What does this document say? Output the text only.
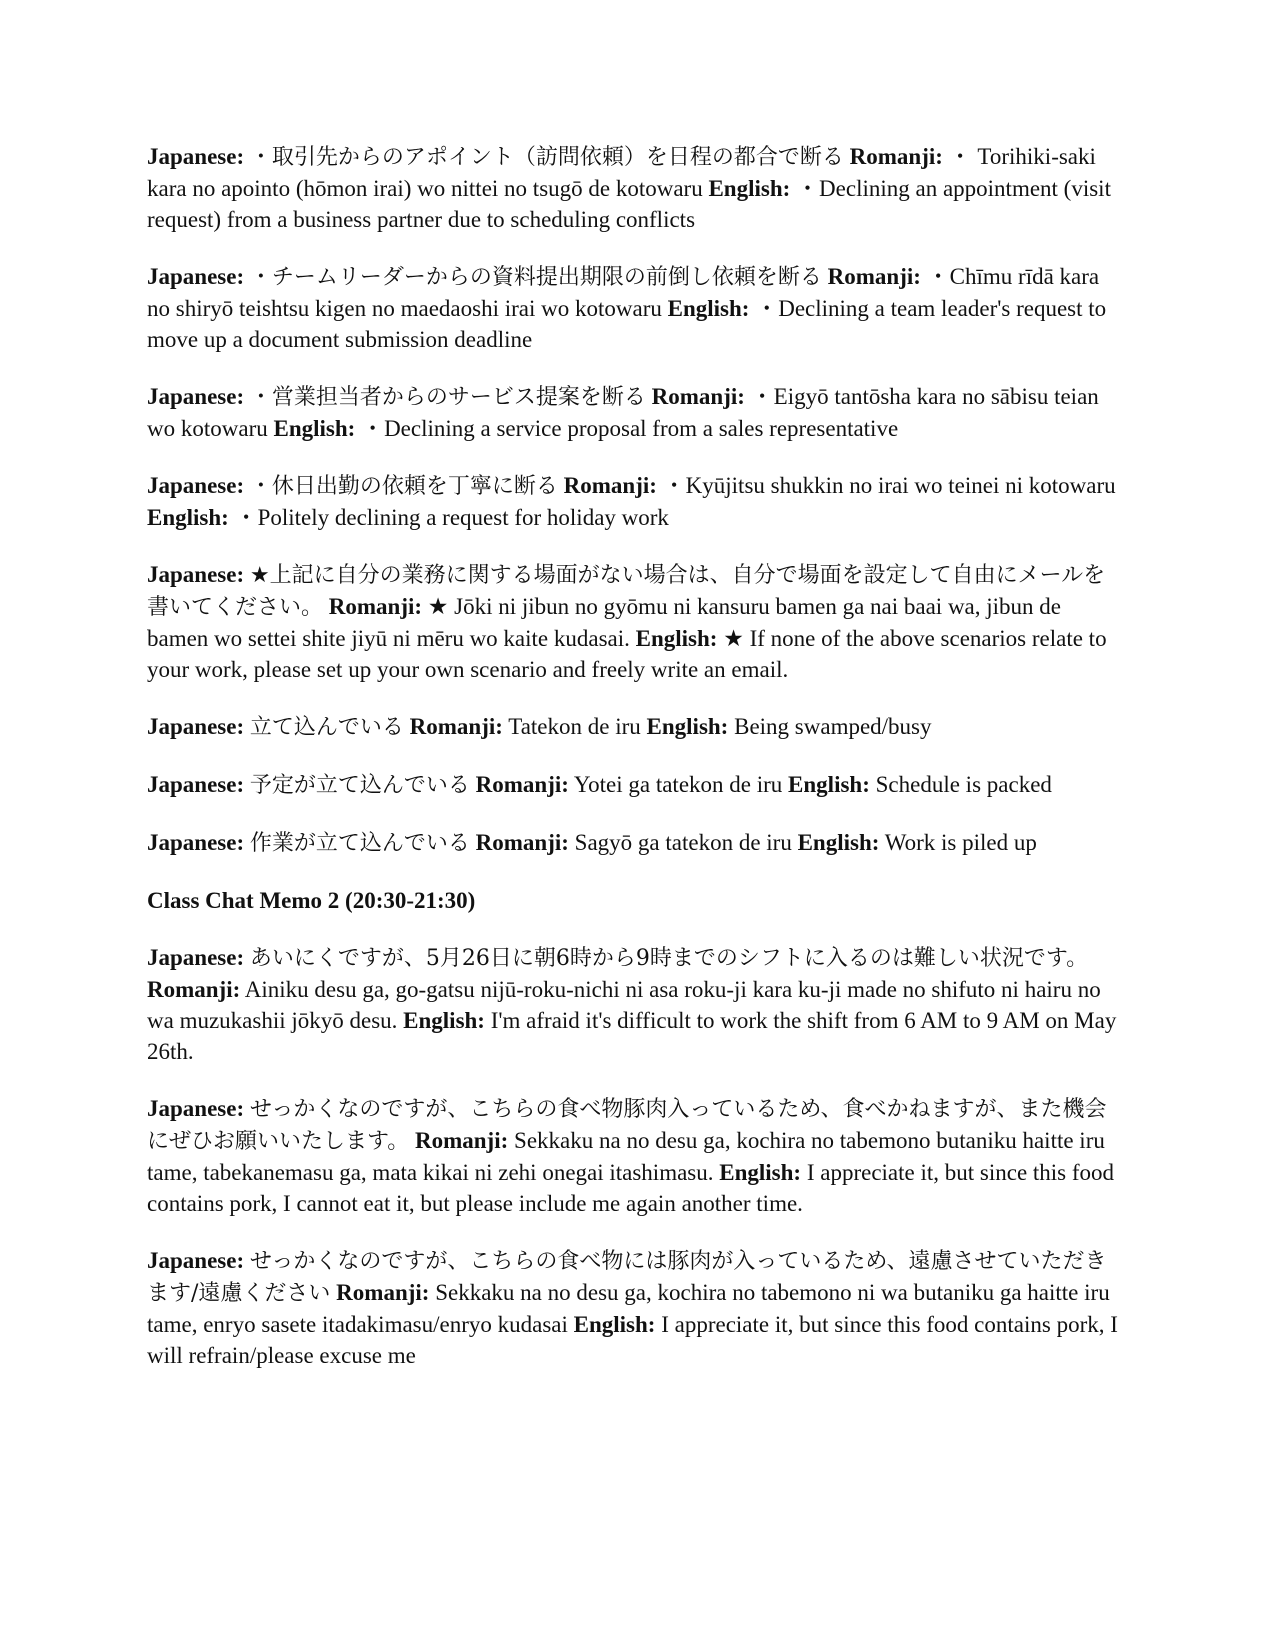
Japanese: ・取引先からのアポイント（訪問依頼）を日程の都合で断る Romanji: ・ Torihiki-saki kara no apointo (hōmon irai) wo nittei no tsugō de kotowaru English: ・Declining an appointment (visit request) from a business partner due to scheduling conflicts

Japanese: ・チームリーダーからの資料提出期限の前倒し依頼を断る Romanji: ・Chīmu rīdā kara no shiryō teishtsu kigen no maedaoshi irai wo kotowaru English: ・Declining a team leader's request to move up a document submission deadline

Japanese: ・営業担当者からのサービス提案を断る Romanji: ・Eigyō tantōsha kara no sābisu teian wo kotowaru English: ・Declining a service proposal from a sales representative

Japanese: ・休日出勤の依頼を丁寧に断る Romanji: ・Kyūjitsu shukkin no irai wo teinei ni kotowaru English: ・Politely declining a request for holiday work

Japanese: ★上記に自分の業務に関する場面がない場合は、自分で場面を設定して自由にメールを書いてください。 Romanji: ★ Jōki ni jibun no gyōmu ni kansuru bamen ga nai baai wa, jibun de bamen wo settei shite jiyū ni mēru wo kaite kudasai. English: ★ If none of the above scenarios relate to your work, please set up your own scenario and freely write an email.

Japanese: 立て込んでいる Romanji: Tatekon de iru English: Being swamped/busy

Japanese: 予定が立て込んでいる Romanji: Yotei ga tatekon de iru English: Schedule is packed

Japanese: 作業が立て込んでいる Romanji: Sagyō ga tatekon de iru English: Work is piled up

Class Chat Memo 2 (20:30-21:30)

Japanese: あいにくですが、5月26日に朝6時から9時までのシフトに入るのは難しい状況です。 Romanji: Ainiku desu ga, go-gatsu nijū-roku-nichi ni asa roku-ji kara ku-ji made no shifuto ni hairu no wa muzukashii jōkyō desu. English: I'm afraid it's difficult to work the shift from 6 AM to 9 AM on May 26th.

Japanese: せっかくなのですが、こちらの食べ物豚肉入っているため、食べかねますが、また機会にぜひお願いいたします。 Romanji: Sekkaku na no desu ga, kochira no tabemono butaniku haitte iru tame, tabekanemasu ga, mata kikai ni zehi onegai itashimasu. English: I appreciate it, but since this food contains pork, I cannot eat it, but please include me again another time.

Japanese: せっかくなのですが、こちらの食べ物には豚肉が入っているため、遠慮させていただきます/遠慮ください Romanji: Sekkaku na no desu ga, kochira no tabemono ni wa butaniku ga haitte iru tame, enryo sasete itadakimasu/enryo kudasai English: I appreciate it, but since this food contains pork, I will refrain/please excuse me
